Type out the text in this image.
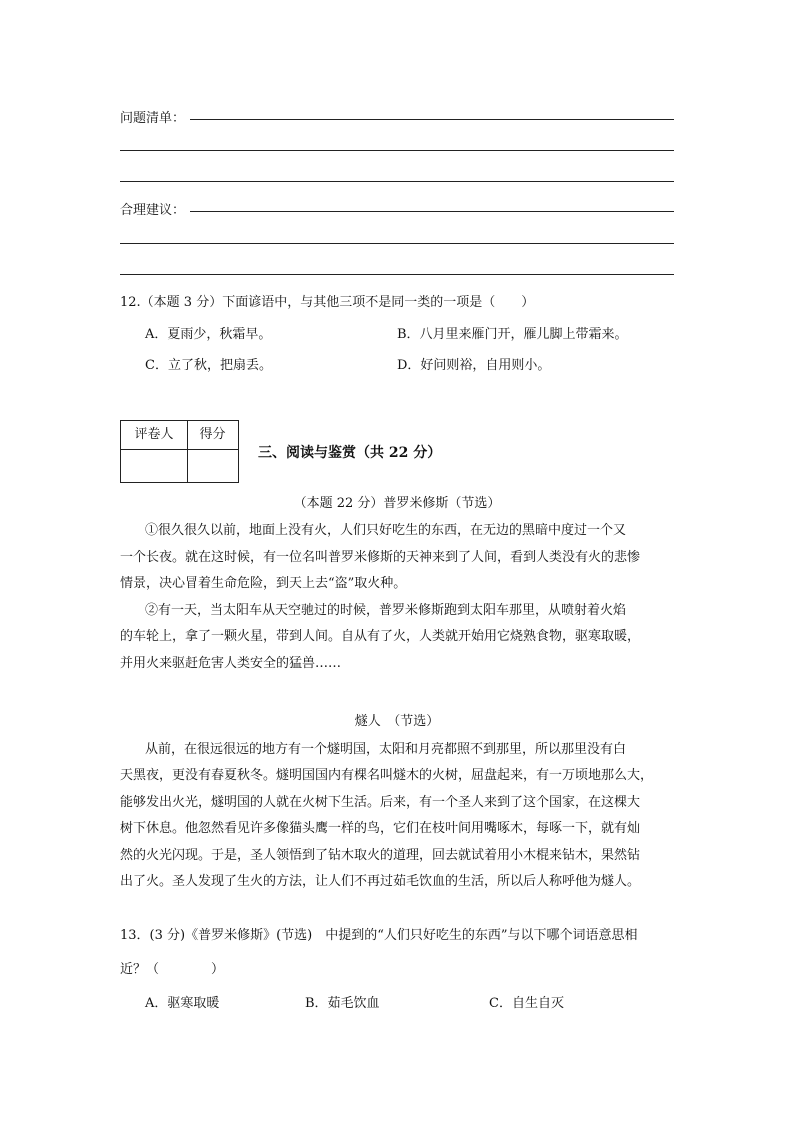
问题清单：
合理建议：
12.（本题 3 分）下面谚语中，与其他三项不是同一类的一项是（　　）
A．夏雨少，秋霜早。	B．八月里来雁门开，雁儿脚上带霜来。
C．立了秋，把扇丢。	D．好问则裕，自用则小。
评卷人	得分
三、阅读与鉴赏（共 22 分）
（本题 22 分）普罗米修斯（节选）
①很久很久以前，地面上没有火，人们只好吃生的东西，在无边的黑暗中度过一个又
一个长夜。就在这时候，有一位名叫普罗米修斯的天神来到了人间，看到人类没有火的悲惨
情景，决心冒着生命危险，到天上去“盗”取火种。
②有一天，当太阳车从天空驰过的时候，普罗米修斯跑到太阳车那里，从喷射着火焰
的车轮上，拿了一颗火星，带到人间。自从有了火，人类就开始用它烧熟食物，驱寒取暖，
并用火来驱赶危害人类安全的猛兽……
燧人　（节选）
从前，在很远很远的地方有一个燧明国，太阳和月亮都照不到那里，所以那里没有白
天黑夜，更没有春夏秋冬。燧明国国内有棵名叫燧木的火树，屈盘起来，有一万顷地那么大，
能够发出火光，燧明国的人就在火树下生活。后来，有一个圣人来到了这个国家，在这棵大
树下休息。他忽然看见许多像猫头鹰一样的鸟，它们在枝叶间用嘴啄木，每啄一下，就有灿
然的火光闪现。于是，圣人领悟到了钻木取火的道理，回去就试着用小木棍来钻木，果然钻
出了火。圣人发现了生火的方法，让人们不再过茹毛饮血的生活，所以后人称呼他为燧人。
13．(3 分)《普罗米修斯》(节选)　中提到的“人们只好吃生的东西”与以下哪个词语意思相
近？（　　　　）
A．驱寒取暖	B．茹毛饮血	C．自生自灭
